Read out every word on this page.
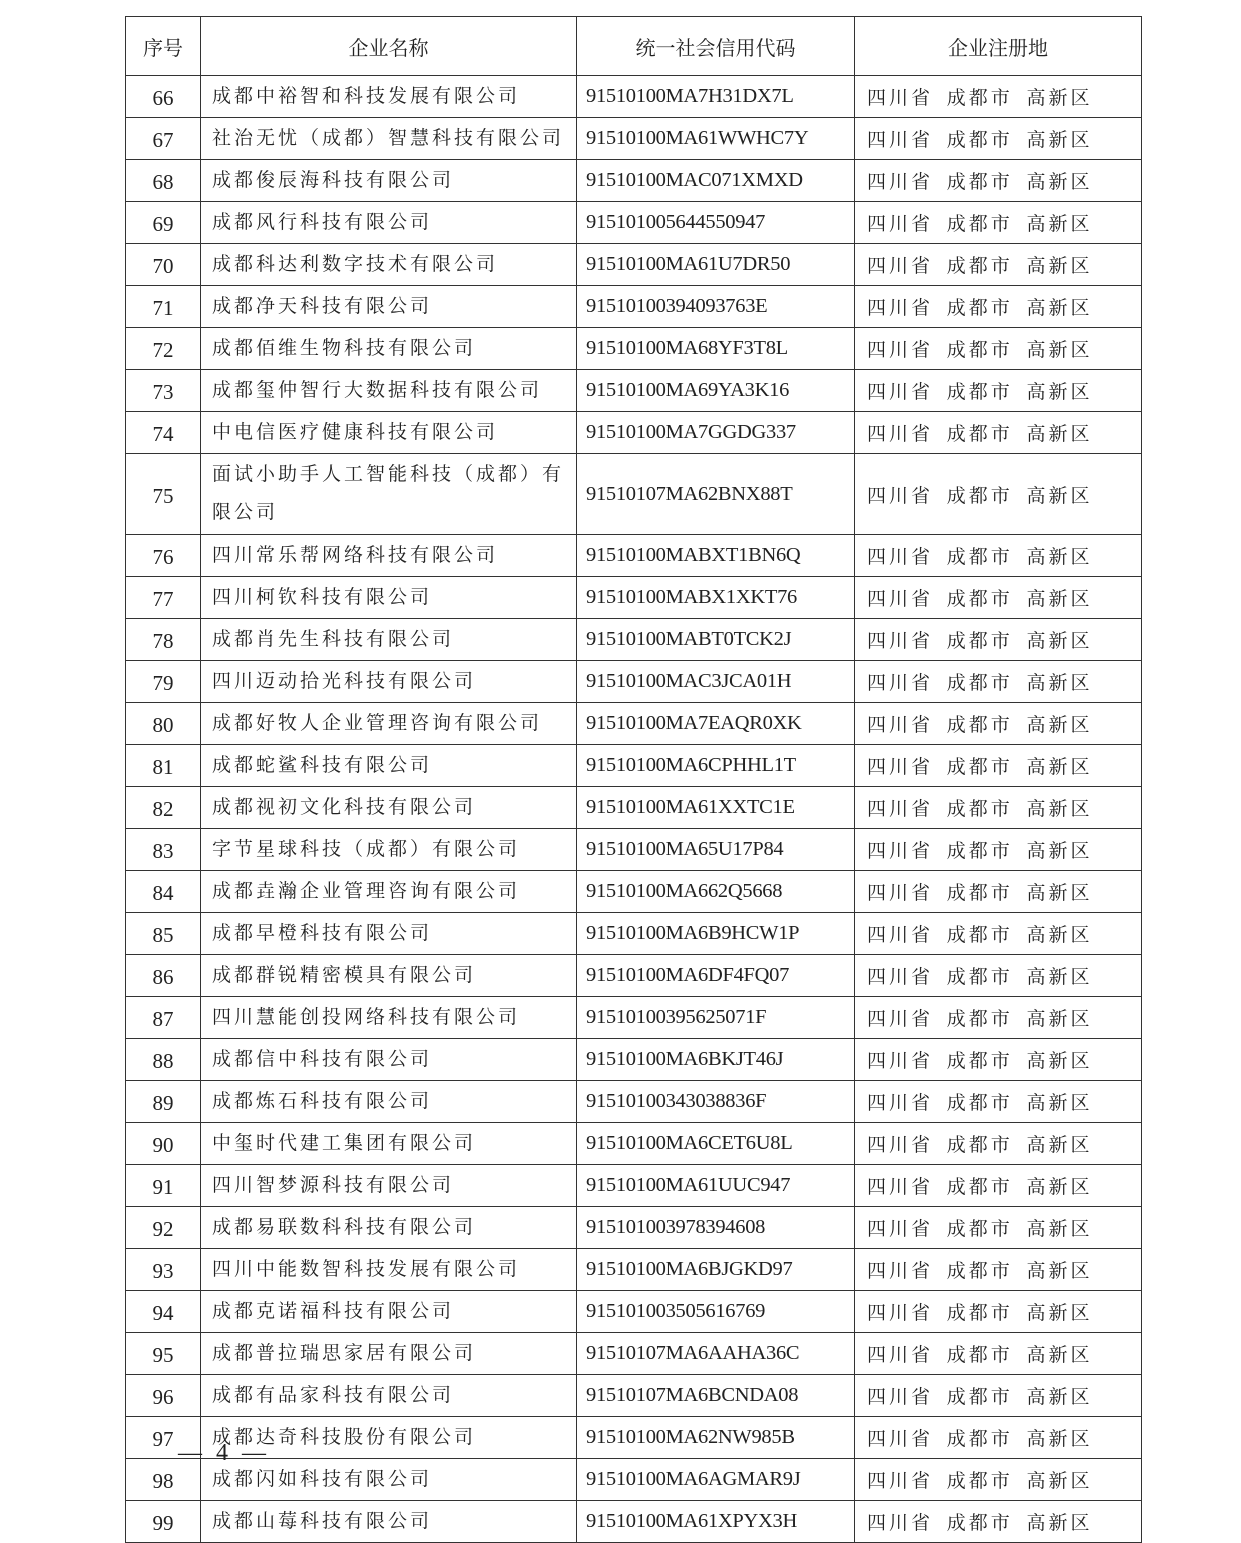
序号	企业名称	统一社会信用代码	企业注册地
66	成都中裕智和科技发展有限公司	91510100MA7H31DX7L	四川省 成都市 高新区
67	社治无忧（成都）智慧科技有限公司	91510100MA61WWHC7Y	四川省 成都市 高新区
68	成都俊辰海科技有限公司	91510100MAC071XMXD	四川省 成都市 高新区
69	成都风行科技有限公司	915101005644550947	四川省 成都市 高新区
70	成都科达利数字技术有限公司	91510100MA61U7DR50	四川省 成都市 高新区
71	成都净天科技有限公司	91510100394093763E	四川省 成都市 高新区
72	成都佰维生物科技有限公司	91510100MA68YF3T8L	四川省 成都市 高新区
73	成都玺仲智行大数据科技有限公司	91510100MA69YA3K16	四川省 成都市 高新区
74	中电信医疗健康科技有限公司	91510100MA7GGDG337	四川省 成都市 高新区
75	面试小助手人工智能科技（成都）有限公司	91510107MA62BNX88T	四川省 成都市 高新区
76	四川常乐帮网络科技有限公司	91510100MABXT1BN6Q	四川省 成都市 高新区
77	四川柯钦科技有限公司	91510100MABX1XKT76	四川省 成都市 高新区
78	成都肖先生科技有限公司	91510100MABT0TCK2J	四川省 成都市 高新区
79	四川迈动拾光科技有限公司	91510100MAC3JCA01H	四川省 成都市 高新区
80	成都好牧人企业管理咨询有限公司	91510100MA7EAQR0XK	四川省 成都市 高新区
81	成都蛇鲨科技有限公司	91510100MA6CPHHL1T	四川省 成都市 高新区
82	成都视初文化科技有限公司	91510100MA61XXTC1E	四川省 成都市 高新区
83	字节星球科技（成都）有限公司	91510100MA65U17P84	四川省 成都市 高新区
84	成都垚瀚企业管理咨询有限公司	91510100MA662Q5668	四川省 成都市 高新区
85	成都早橙科技有限公司	91510100MA6B9HCW1P	四川省 成都市 高新区
86	成都群锐精密模具有限公司	91510100MA6DF4FQ07	四川省 成都市 高新区
87	四川慧能创投网络科技有限公司	91510100395625071F	四川省 成都市 高新区
88	成都信中科技有限公司	91510100MA6BKJT46J	四川省 成都市 高新区
89	成都炼石科技有限公司	91510100343038836F	四川省 成都市 高新区
90	中玺时代建工集团有限公司	91510100MA6CET6U8L	四川省 成都市 高新区
91	四川智梦源科技有限公司	91510100MA61UUC947	四川省 成都市 高新区
92	成都易联数科科技有限公司	915101003978394608	四川省 成都市 高新区
93	四川中能数智科技发展有限公司	91510100MA6BJGKD97	四川省 成都市 高新区
94	成都克诺福科技有限公司	915101003505616769	四川省 成都市 高新区
95	成都普拉瑞思家居有限公司	91510107MA6AAHA36C	四川省 成都市 高新区
96	成都有品家科技有限公司	91510107MA6BCNDA08	四川省 成都市 高新区
97	成都达奇科技股份有限公司	91510100MA62NW985B	四川省 成都市 高新区
98	成都闪如科技有限公司	91510100MA6AGMAR9J	四川省 成都市 高新区
99	成都山莓科技有限公司	91510100MA61XPYX3H	四川省 成都市 高新区
— 4 —
